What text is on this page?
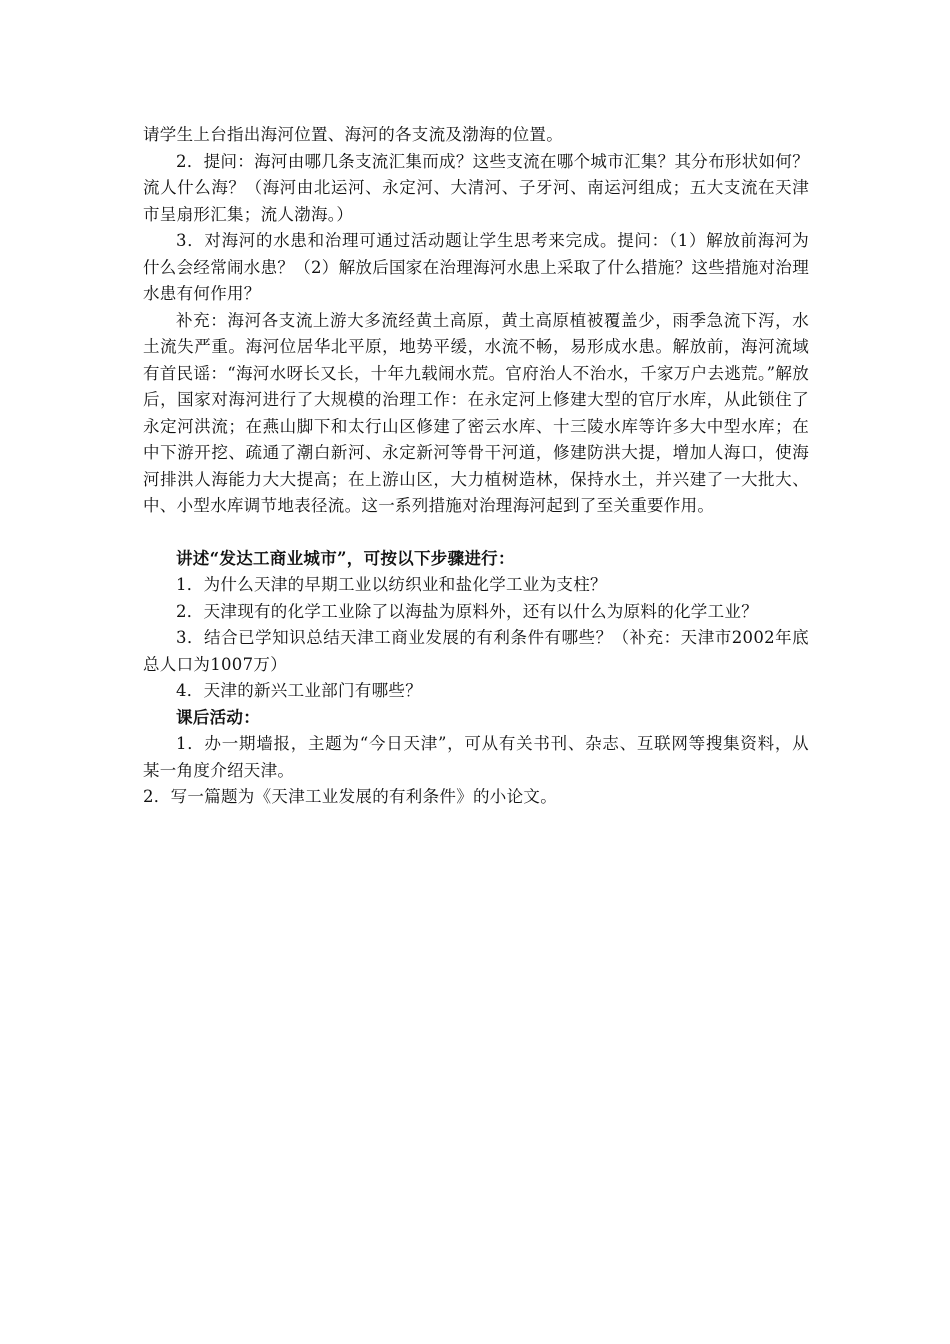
请学生上台指出海河位置、海河的各支流及渤海的位置。

2．提问：海河由哪几条支流汇集而成？这些支流在哪个城市汇集？其分布形状如何？流人什么海？（海河由北运河、永定河、大清河、子牙河、南运河组成；五大支流在天津市呈扇形汇集；流人渤海。）

3．对海河的水患和治理可通过活动题让学生思考来完成。提问：（1）解放前海河为什么会经常闹水患？（2）解放后国家在治理海河水患上采取了什么措施？这些措施对治理水患有何作用？

补充：海河各支流上游大多流经黄土高原，黄土高原植被覆盖少，雨季急流下泻，水土流失严重。海河位居华北平原，地势平缓，水流不畅，易形成水患。解放前，海河流域有首民谣：“海河水呀长又长，十年九载闹水荒。官府治人不治水，千家万户去逃荒。”解放后，国家对海河进行了大规模的治理工作：在永定河上修建大型的官厅水库，从此锁住了永定河洪流；在燕山脚下和太行山区修建了密云水库、十三陵水库等许多大中型水库；在中下游开挖、疏通了潮白新河、永定新河等骨干河道，修建防洪大提，增加人海口，使海河排洪人海能力大大提高；在上游山区，大力植树造林，保持水土，并兴建了一大批大、中、小型水库调节地表径流。这一系列措施对治理海河起到了至关重要作用。

讲述“发达工商业城市”，可按以下步骤进行：

1．为什么天津的早期工业以纺织业和盐化学工业为支柱？

2．天津现有的化学工业除了以海盐为原料外，还有以什么为原料的化学工业？

3．结合已学知识总结天津工商业发展的有利条件有哪些？（补充：天津市2002年底总人口为1007万）

4．天津的新兴工业部门有哪些？

课后活动：

1．办一期墙报，主题为“今日天津”，可从有关书刊、杂志、互联网等搜集资料，从某一角度介绍天津。

2．写一篇题为《天津工业发展的有利条件》的小论文。
